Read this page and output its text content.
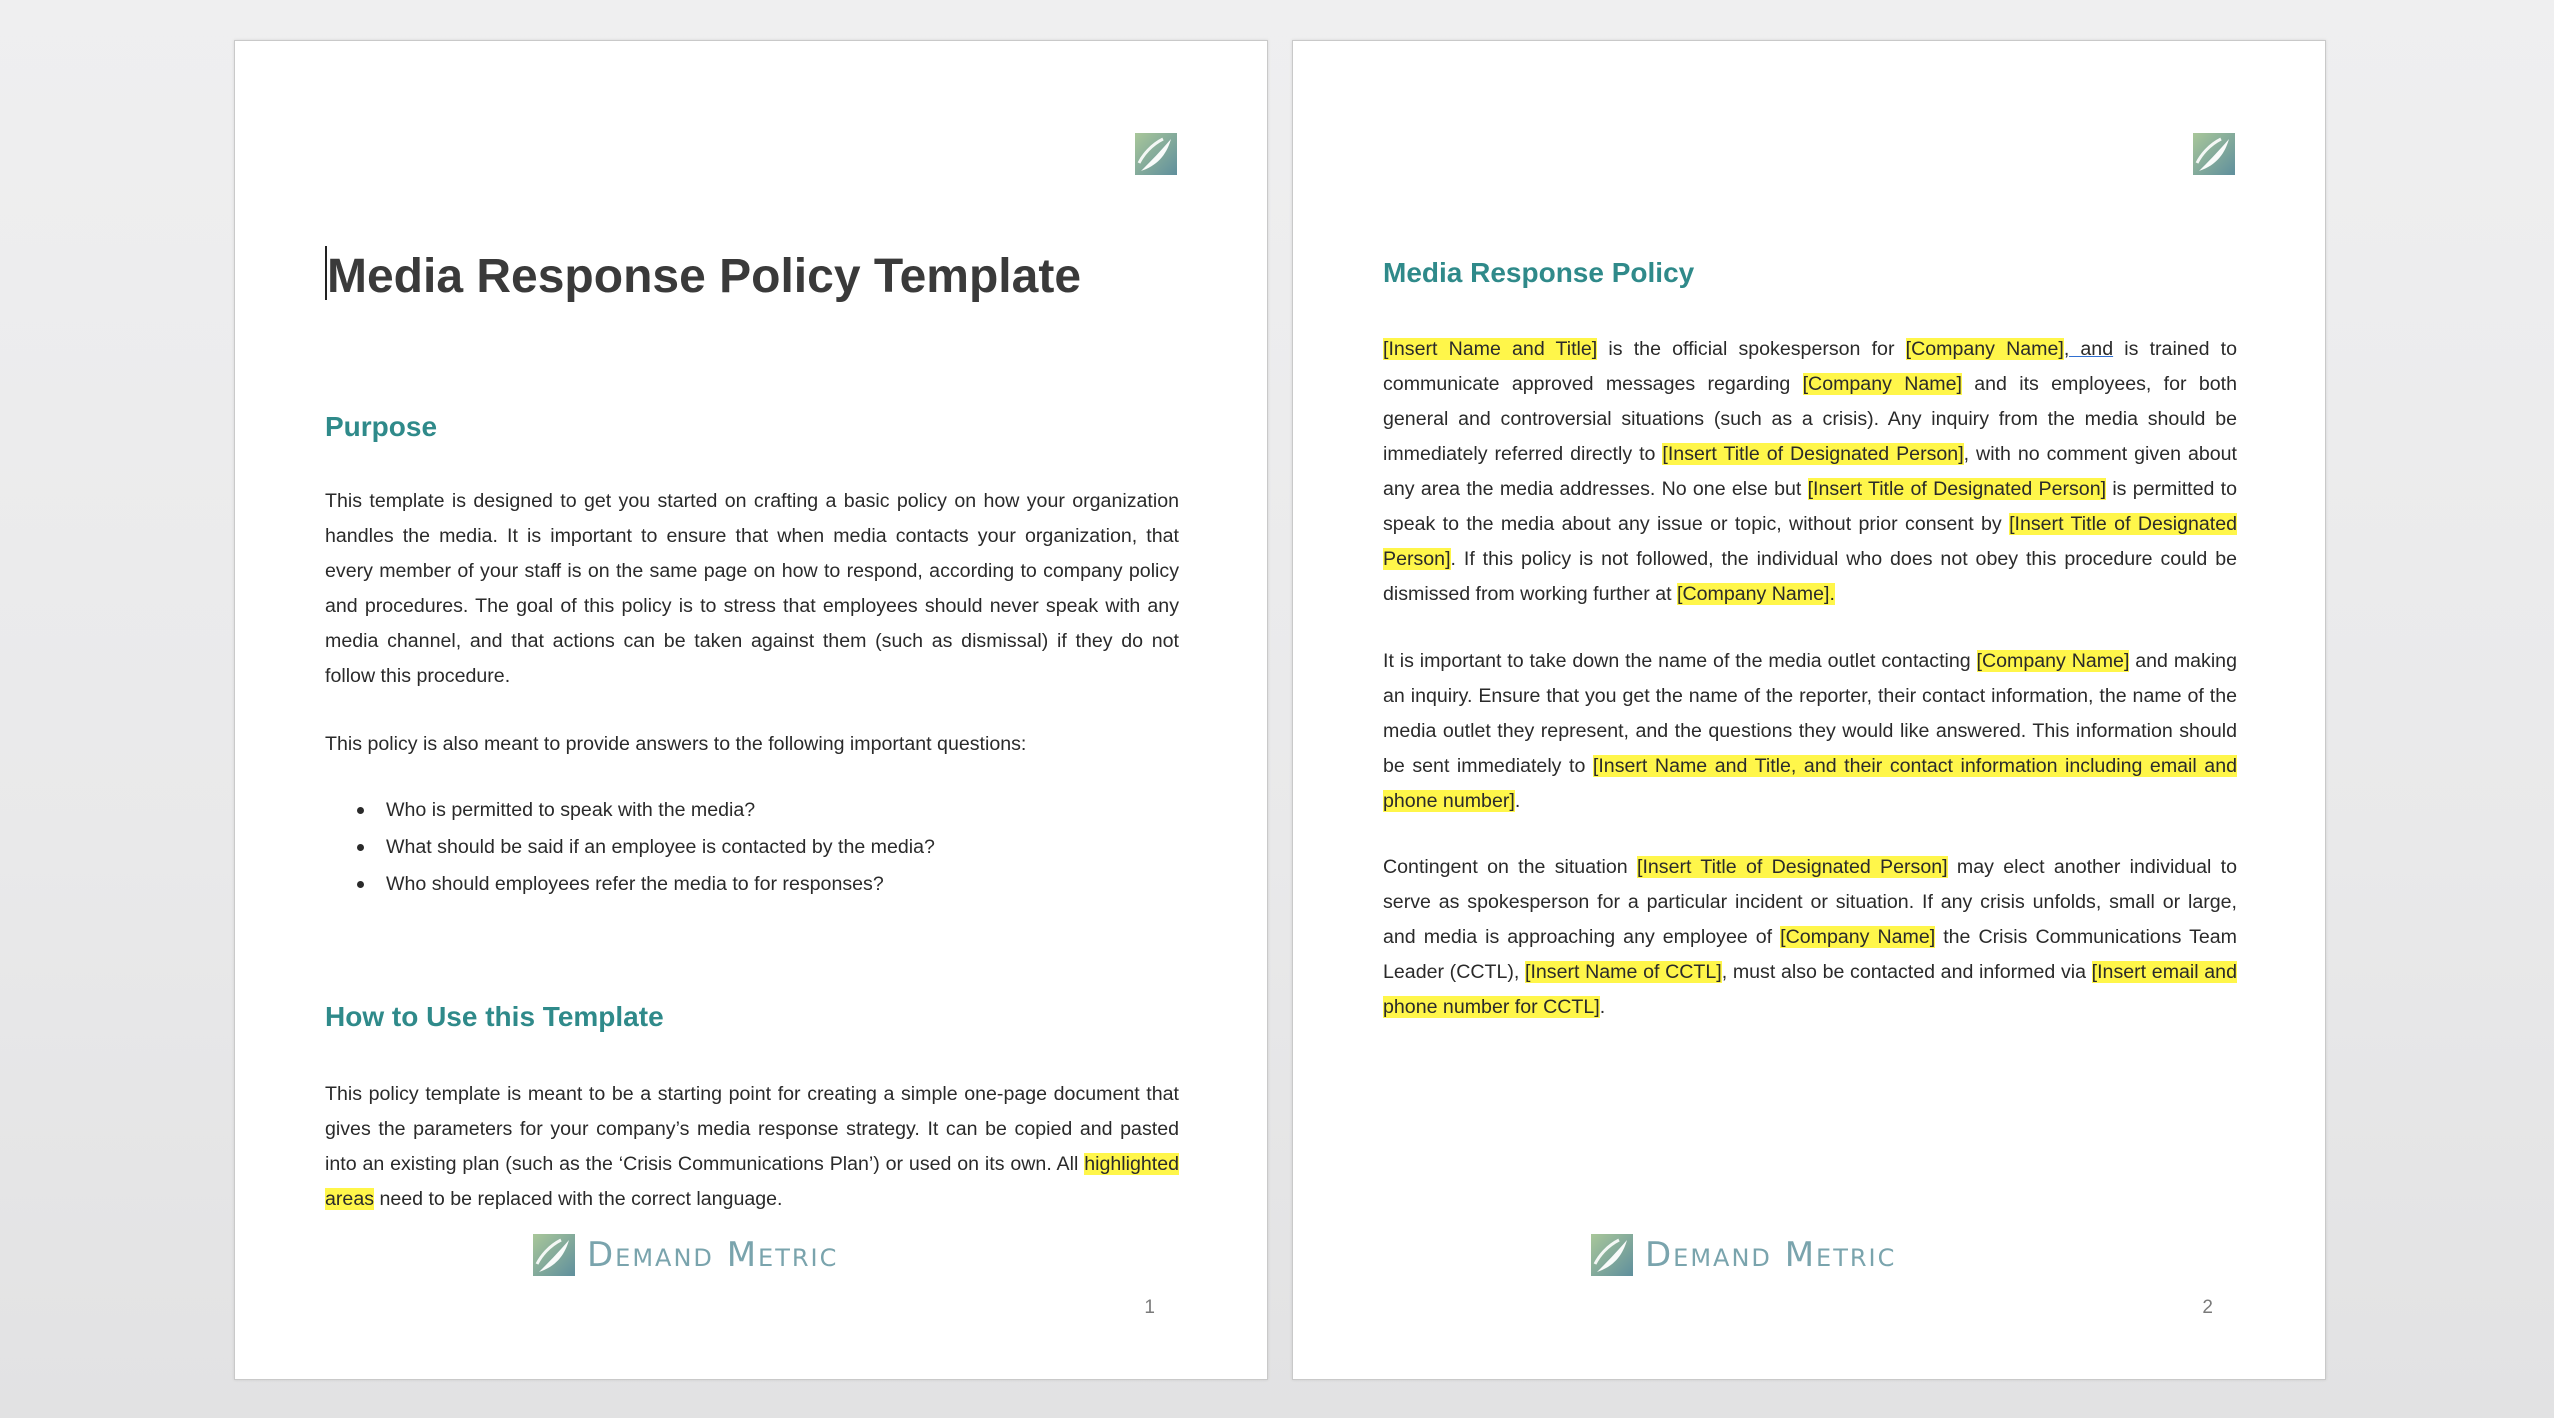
Media Response Policy Template
Purpose

This template is designed to get you started on crafting a basic policy on how your organization handles the media. It is important to ensure that when media contacts your organization, that every member of your staff is on the same page on how to respond, according to company policy and procedures. The goal of this policy is to stress that employees should never speak with any media channel, and that actions can be taken against them (such as dismissal) if they do not follow this procedure.

This policy is also meant to provide answers to the following important questions:

Who is permitted to speak with the media?
What should be said if an employee is contacted by the media?
Who should employees refer the media to for responses?
How to Use this Template

This policy template is meant to be a starting point for creating a simple one-page document that gives the parameters for your company’s media response strategy. It can be copied and pasted into an existing plan (such as the ‘Crisis Communications Plan’) or used on its own. All highlighted areas need to be replaced with the correct language.

Demand Metric
1
Media Response Policy

[Insert Name and Title] is the official spokesperson for [Company Name], and is trained to communicate approved messages regarding [Company Name] and its employees, for both general and controversial situations (such as a crisis). Any inquiry from the media should be immediately referred directly to [Insert Title of Designated Person], with no comment given about any area the media addresses. No one else but [Insert Title of Designated Person] is permitted to speak to the media about any issue or topic, without prior consent by [Insert Title of Designated Person]. If this policy is not followed, the individual who does not obey this procedure could be dismissed from working further at [Company Name].

It is important to take down the name of the media outlet contacting [Company Name] and making an inquiry. Ensure that you get the name of the reporter, their contact information, the name of the media outlet they represent, and the questions they would like answered. This information should be sent immediately to [Insert Name and Title, and their contact information including email and phone number].

Contingent on the situation [Insert Title of Designated Person] may elect another individual to serve as spokesperson for a particular incident or situation. If any crisis unfolds, small or large, and media is approaching any employee of [Company Name] the Crisis Communications Team Leader (CCTL), [Insert Name of CCTL], must also be contacted and informed via [Insert email and phone number for CCTL].

Demand Metric
2
